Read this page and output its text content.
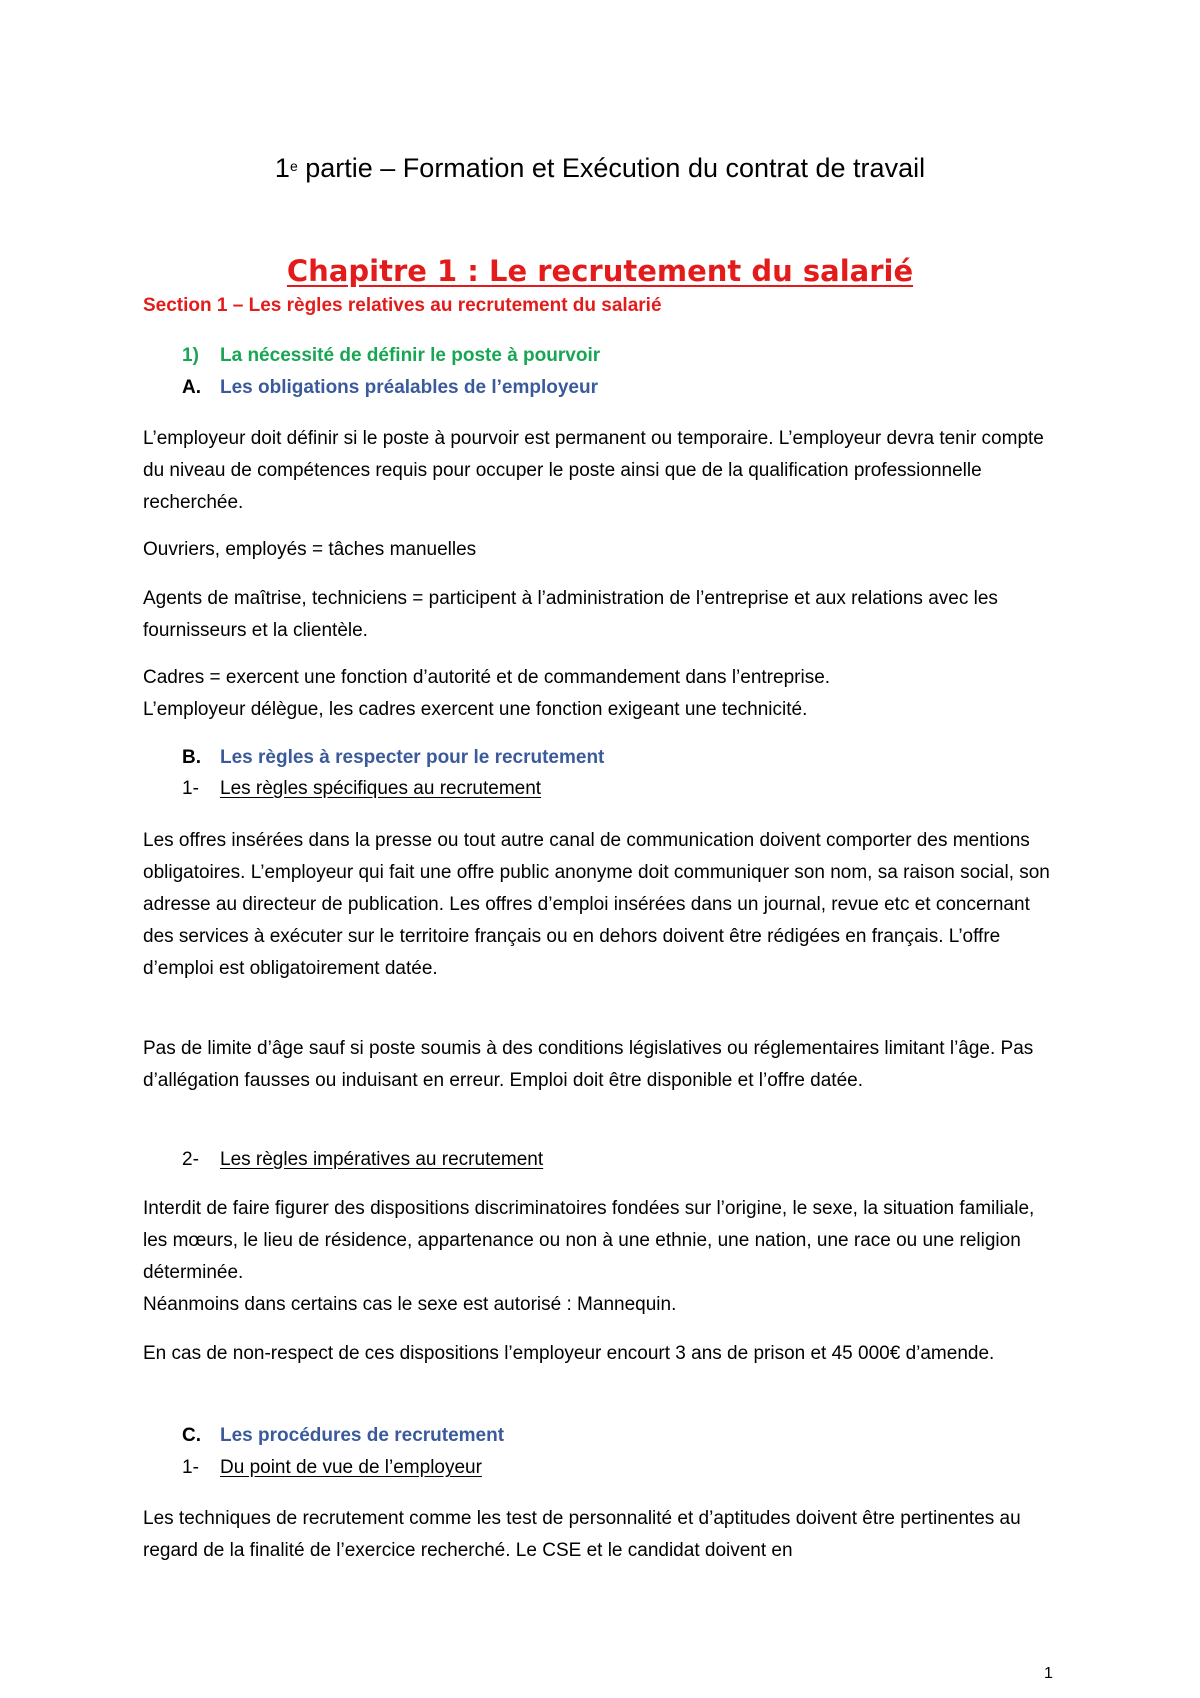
1e partie – Formation et Exécution du contrat de travail
Chapitre 1 : Le recrutement du salarié
Section 1 – Les règles relatives au recrutement du salarié
1) La nécessité de définir le poste à pourvoir
A. Les obligations préalables de l’employeur

L’employeur doit définir si le poste à pourvoir est permanent ou temporaire. L’employeur devra tenir compte du niveau de compétences requis pour occuper le poste ainsi que de la qualification professionnelle recherchée.

Ouvriers, employés = tâches manuelles

Agents de maîtrise, techniciens = participent à l’administration de l’entreprise et aux relations avec les fournisseurs et la clientèle.

Cadres = exercent une fonction d’autorité et de commandement dans l’entreprise.

L’employeur délègue, les cadres exercent une fonction exigeant une technicité.

B. Les règles à respecter pour le recrutement
1- Les règles spécifiques au recrutement

Les offres insérées dans la presse ou tout autre canal de communication doivent comporter des mentions obligatoires. L’employeur qui fait une offre public anonyme doit communiquer son nom, sa raison social, son adresse au directeur de publication. Les offres d’emploi insérées dans un journal, revue etc et concernant des services à exécuter sur le territoire français ou en dehors doivent être rédigées en français. L’offre d’emploi est obligatoirement datée.

Pas de limite d’âge sauf si poste soumis à des conditions législatives ou réglementaires limitant l’âge. Pas d’allégation fausses ou induisant en erreur. Emploi doit être disponible et l’offre datée.

2- Les règles impératives au recrutement

Interdit de faire figurer des dispositions discriminatoires fondées sur l’origine, le sexe, la situation familiale, les mœurs, le lieu de résidence, appartenance ou non à une ethnie, une nation, une race ou une religion déterminée.

Néanmoins dans certains cas le sexe est autorisé : Mannequin.

En cas de non-respect de ces dispositions l’employeur encourt 3 ans de prison et 45 000€ d’amende.

C. Les procédures de recrutement
1- Du point de vue de l’employeur

Les techniques de recrutement comme les test de personnalité et d’aptitudes doivent être pertinentes au regard de la finalité de l’exercice recherché. Le CSE et le candidat doivent en

1
